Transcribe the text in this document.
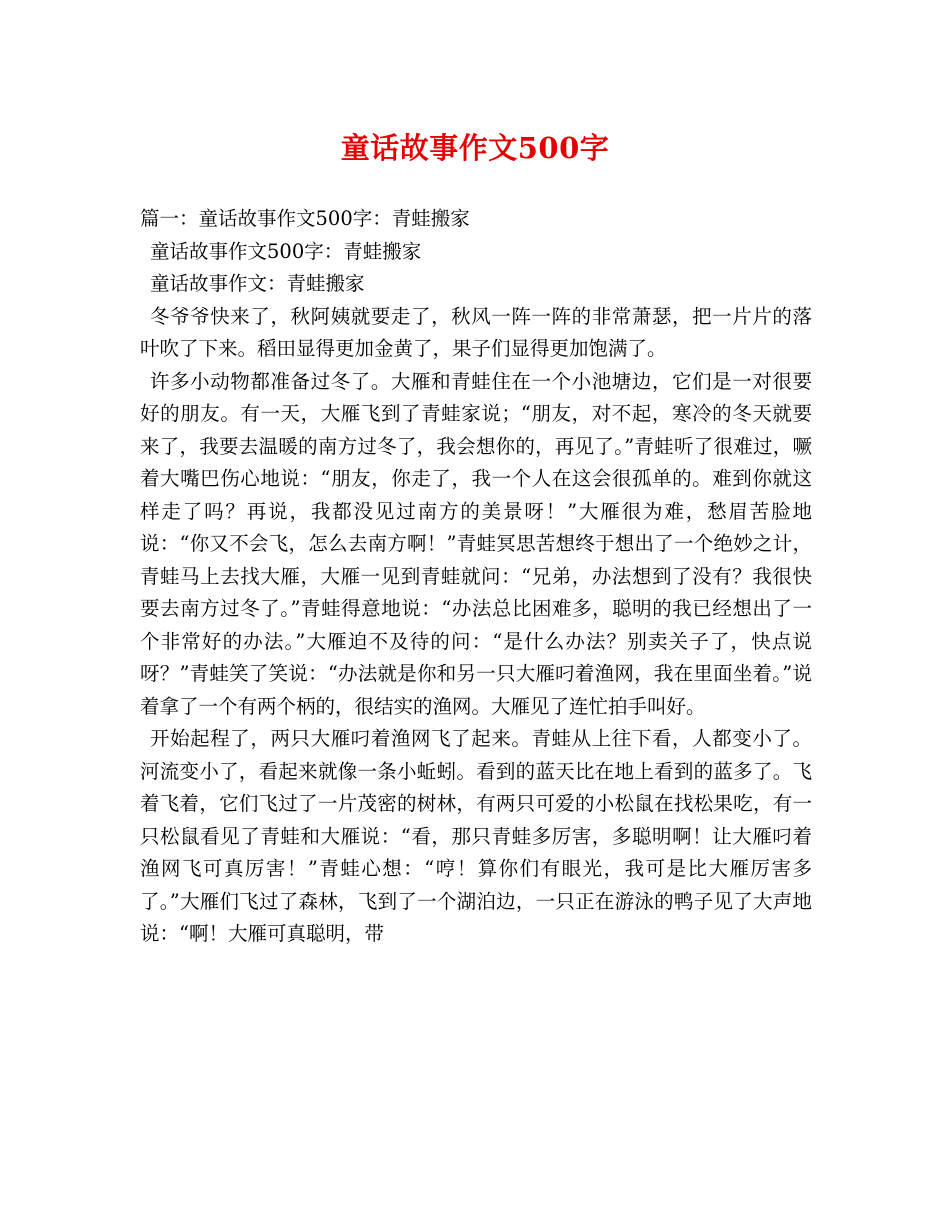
童话故事作文500字

篇一：童话故事作文500字：青蛙搬家

童话故事作文500字：青蛙搬家

童话故事作文：青蛙搬家

冬爷爷快来了，秋阿姨就要走了，秋风一阵一阵的非常萧瑟，把一片片的落叶吹了下来。稻田显得更加金黄了，果子们显得更加饱满了。

许多小动物都准备过冬了。大雁和青蛙住在一个小池塘边，它们是一对很要好的朋友。有一天，大雁飞到了青蛙家说；“朋友，对不起，寒冷的冬天就要来了，我要去温暖的南方过冬了，我会想你的，再见了。”青蛙听了很难过，噘着大嘴巴伤心地说：“朋友，你走了，我一个人在这会很孤单的。难到你就这样走了吗？再说，我都没见过南方的美景呀！”大雁很为难，愁眉苦脸地说：“你又不会飞，怎么去南方啊！”青蛙冥思苦想终于想出了一个绝妙之计，青蛙马上去找大雁，大雁一见到青蛙就问：“兄弟，办法想到了没有？我很快要去南方过冬了。”青蛙得意地说：“办法总比困难多，聪明的我已经想出了一个非常好的办法。”大雁迫不及待的问：“是什么办法？别卖关子了，快点说呀？”青蛙笑了笑说：“办法就是你和另一只大雁叼着渔网，我在里面坐着。”说着拿了一个有两个柄的，很结实的渔网。大雁见了连忙拍手叫好。

开始起程了，两只大雁叼着渔网飞了起来。青蛙从上往下看，人都变小了。河流变小了，看起来就像一条小蚯蚓。看到的蓝天比在地上看到的蓝多了。飞着飞着，它们飞过了一片茂密的树林，有两只可爱的小松鼠在找松果吃，有一只松鼠看见了青蛙和大雁说：“看，那只青蛙多厉害，多聪明啊！让大雁叼着渔网飞可真厉害！”青蛙心想：“哼！算你们有眼光，我可是比大雁厉害多了。”大雁们飞过了森林，飞到了一个湖泊边，一只正在游泳的鸭子见了大声地说：“啊！大雁可真聪明，带
